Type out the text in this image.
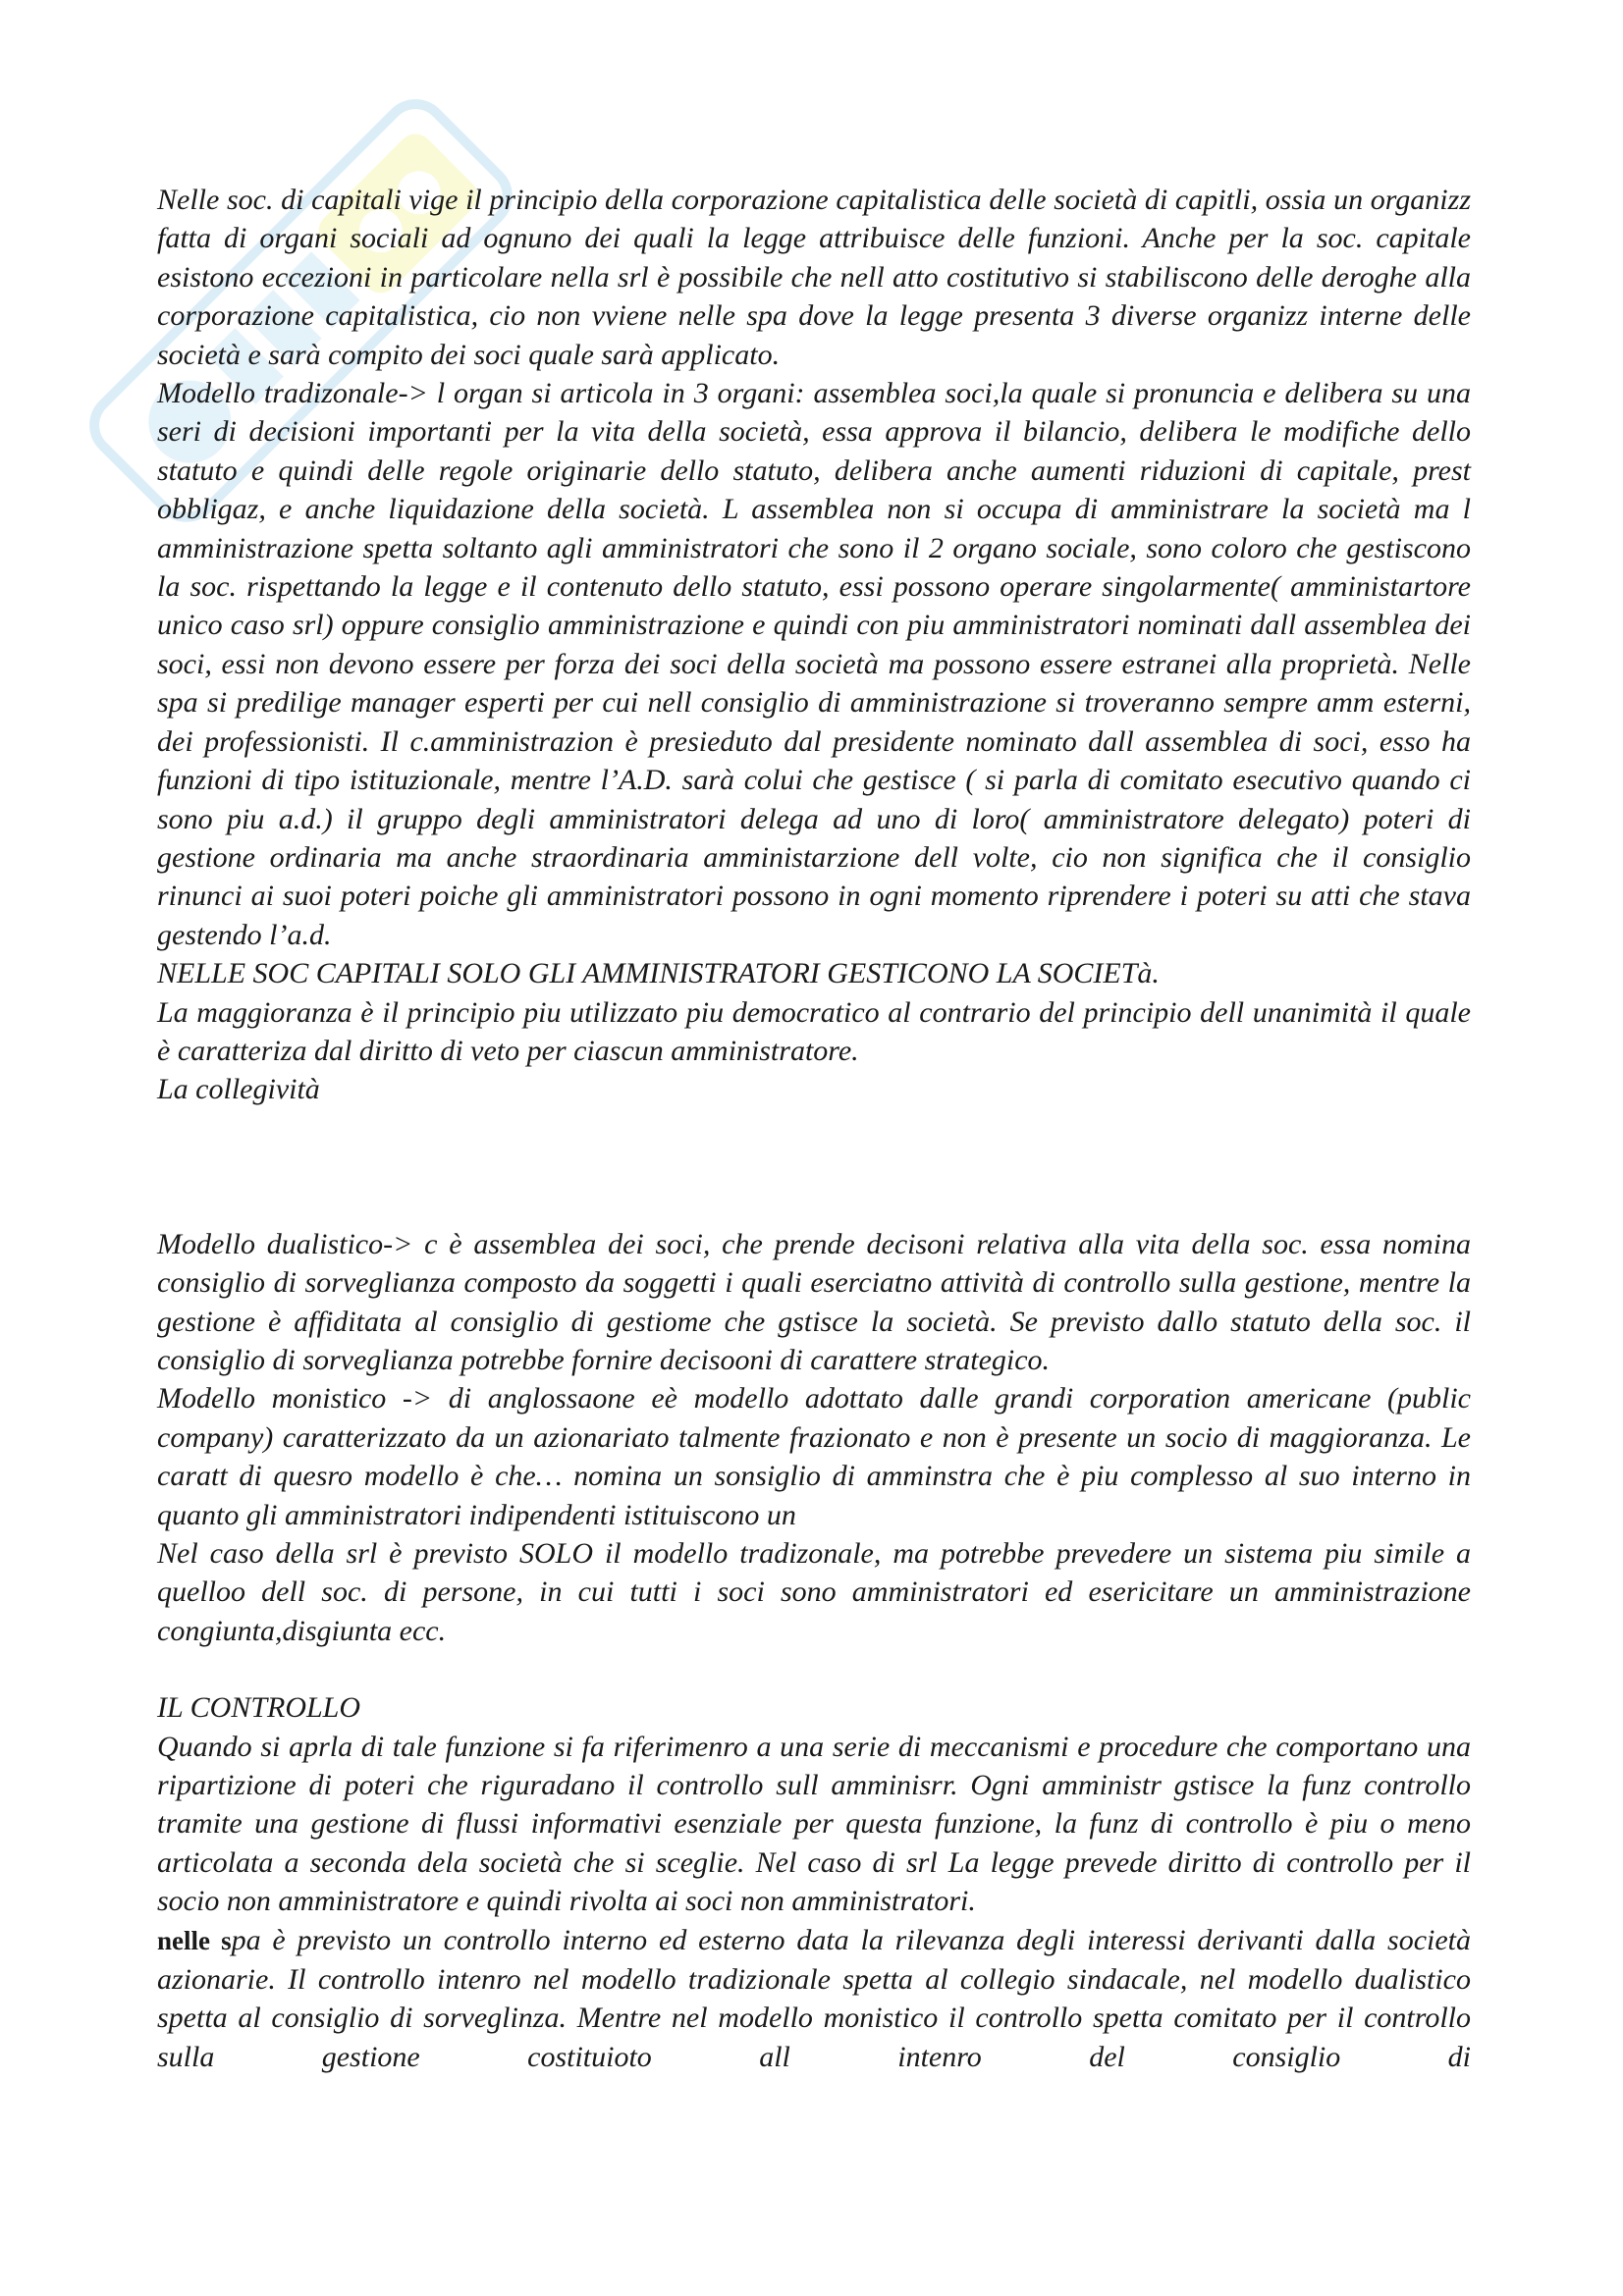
Nelle soc. di capitali vige il principio della corporazione capitalistica delle società di capitli, ossia un organizz fatta di organi sociali ad ognuno dei quali la legge attribuisce delle funzioni. Anche per la soc. capitale esistono eccezioni in particolare nella srl è possibile che nell atto costitutivo si stabiliscono delle deroghe alla corporazione capitalistica, cio non vviene nelle spa dove la legge presenta 3 diverse organizz interne delle società e sarà compito dei soci quale sarà applicato.

Modello tradizonale-> l organ si articola in 3 organi: assemblea soci,la quale si pronuncia e delibera su una seri di decisioni importanti per la vita della società, essa approva il bilancio, delibera le modifiche dello statuto e quindi delle regole originarie dello statuto, delibera anche aumenti riduzioni di capitale, prest obbligaz, e anche liquidazione della società. L assemblea non si occupa di amministrare la società ma l amministrazione spetta soltanto agli amministratori che sono il 2 organo sociale, sono coloro che gestiscono la soc. rispettando la legge e il contenuto dello statuto, essi possono operare singolarmente( amministartore unico caso srl) oppure consiglio amministrazione e quindi con piu amministratori nominati dall assemblea dei soci, essi non devono essere per forza dei soci della società ma possono essere estranei alla proprietà. Nelle spa si predilige manager esperti per cui nell consiglio di amministrazione si troveranno sempre amm esterni, dei professionisti. Il c.amministrazion è presieduto dal presidente nominato dall assemblea di soci, esso ha funzioni di tipo istituzionale, mentre l’A.D. sarà colui che gestisce ( si parla di comitato esecutivo quando ci sono piu a.d.) il gruppo degli amministratori delega ad uno di loro( amministratore delegato) poteri di gestione ordinaria ma anche straordinaria amministarzione dell volte, cio non significa che il consiglio rinunci ai suoi poteri poiche gli amministratori possono in ogni momento riprendere i poteri su atti che stava gestendo l’a.d.

NELLE SOC CAPITALI SOLO GLI AMMINISTRATORI GESTICONO LA SOCIETà.

La maggioranza è il principio piu utilizzato piu democratico al contrario del principio dell unanimità il quale è caratteriza dal diritto di veto per ciascun amministratore.

La collegività

Modello dualistico-> c è assemblea dei soci, che prende decisoni relativa alla vita della soc. essa nomina consiglio di sorveglianza composto da soggetti i quali eserciatno attività di controllo sulla gestione, mentre la gestione è affiditata al consiglio di gestiome che gstisce la società. Se previsto dallo statuto della soc. il consiglio di sorveglianza potrebbe fornire decisooni di carattere strategico.

Modello monistico -> di anglossaone eè modello adottato dalle grandi corporation americane (public company) caratterizzato da un azionariato talmente frazionato e non è presente un socio di maggioranza. Le caratt di quesro modello è che… nomina un sonsiglio di amminstra che è piu complesso al suo interno in quanto gli amministratori indipendenti istituiscono un

Nel caso della srl è previsto SOLO il modello tradizonale, ma potrebbe prevedere un sistema piu simile a quelloo dell soc. di persone, in cui tutti i soci sono amministratori ed esericitare un amministrazione congiunta,disgiunta ecc.

IL CONTROLLO

Quando si aprla di tale funzione si fa riferimenro a una serie di meccanismi e procedure che comportano una ripartizione di poteri che riguradano il controllo sull amminisrr. Ogni amministr gstisce la funz controllo tramite una gestione di flussi informativi esenziale per questa funzione, la funz di controllo è piu o meno articolata a seconda dela società che si sceglie. Nel caso di srl La legge prevede diritto di controllo per il socio non amministratore e quindi rivolta ai soci non amministratori.

nelle spa è previsto un controllo interno ed esterno data la rilevanza degli interessi derivanti dalla società azionarie. Il controllo intenro nel modello tradizionale spetta al collegio sindacale, nel modello dualistico spetta al consiglio di sorveglinza. Mentre nel modello monistico il controllo spetta comitato per il controllo sulla gestione costituioto all intenro del consiglio di
